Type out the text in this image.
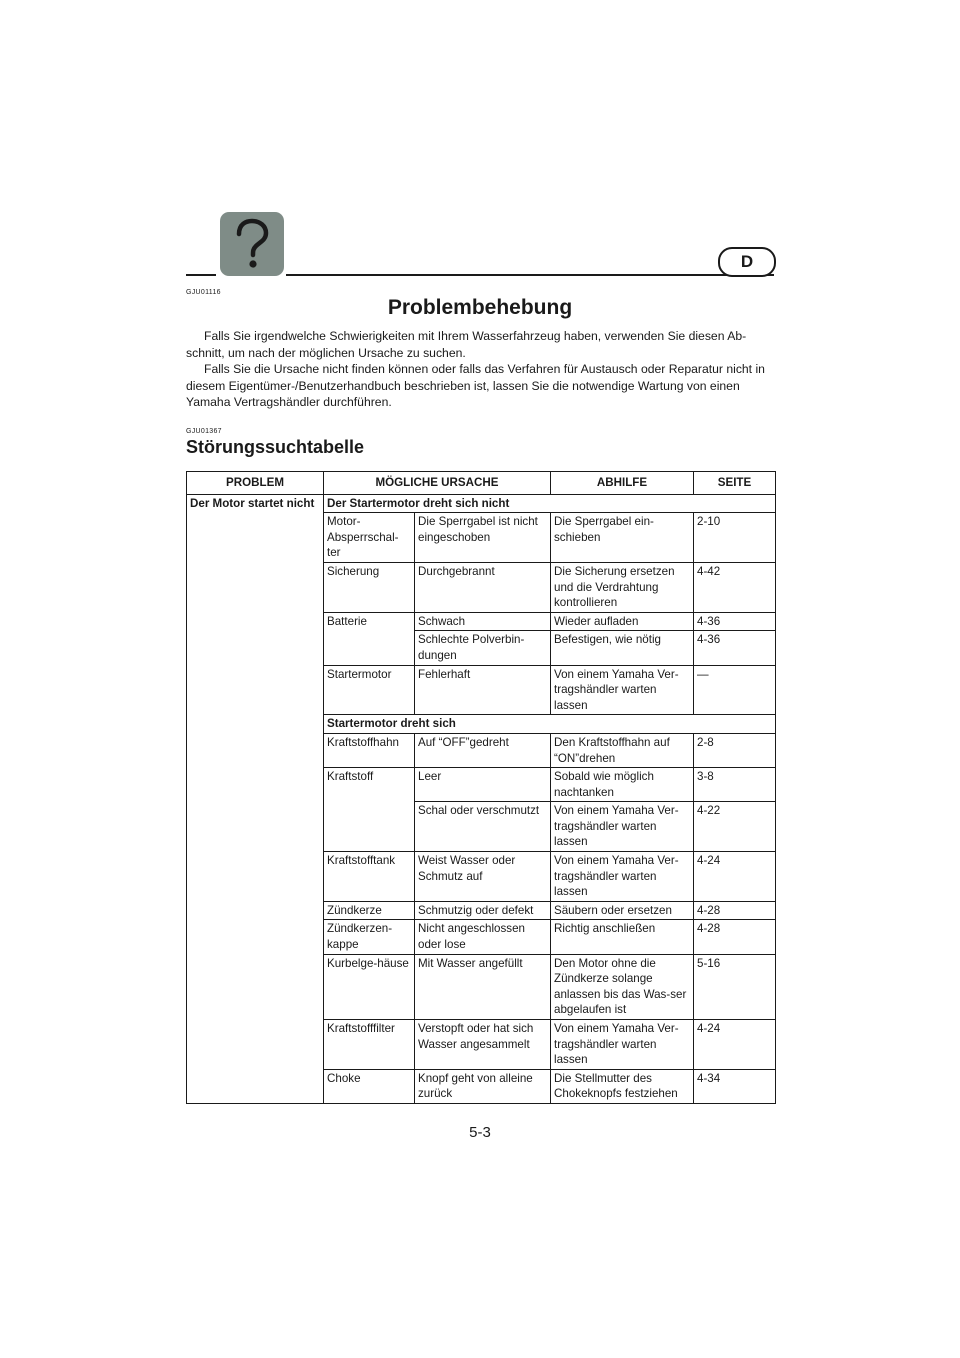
D
GJU01116
Problembehebung

Falls Sie irgendwelche Schwierigkeiten mit Ihrem Wasserfahrzeug haben, verwenden Sie diesen Ab-schnitt, um nach der möglichen Ursache zu suchen.

Falls Sie die Ursache nicht finden können oder falls das Verfahren für Austausch oder Reparatur nicht in diesem Eigentümer-/Benutzerhandbuch beschrieben ist, lassen Sie die notwendige Wartung von einen Yamaha Vertragshändler durchführen.

GJU01367
Störungssuchtabelle
PROBLEM	MÖGLICHE URSACHE		ABHILFE	SEITE
Der Motor startet nicht	Der Startermotor dreht sich nicht			
	Motor-Absperrschal-ter	Die Sperrgabel ist nicht eingeschoben	Die Sperrgabel ein-schieben	2-10
	Sicherung	Durchgebrannt	Die Sicherung ersetzen und die Verdrahtung kontrollieren	4-42
	Batterie	Schwach	Wieder aufladen	4-36
		Schlechte Polverbin-dungen	Befestigen, wie nötig	4-36
	Startermotor	Fehlerhaft	Von einem Yamaha Ver-tragshändler warten lassen	—
	Startermotor dreht sich			
	Kraftstoffhahn	Auf “OFF”gedreht	Den Kraftstoffhahn auf “ON”drehen	2-8
	Kraftstoff	Leer	Sobald wie möglich nachtanken	3-8
		Schal oder verschmutzt	Von einem Yamaha Ver-tragshändler warten lassen	4-22
	Kraftstofftank	Weist Wasser oder Schmutz auf	Von einem Yamaha Ver-tragshändler warten lassen	4-24
	Zündkerze	Schmutzig oder defekt	Säubern oder ersetzen	4-28
	Zündkerzen-kappe	Nicht angeschlossen oder lose	Richtig anschließen	4-28
	Kurbelge-häuse	Mit Wasser angefüllt	Den Motor ohne die Zündkerze solange anlassen bis das Was-ser abgelaufen ist	5-16
	Kraftstofffilter	Verstopft oder hat sich Wasser angesammelt	Von einem Yamaha Ver-tragshändler warten lassen	4-24
	Choke	Knopf geht von alleine zurück	Die Stellmutter des Chokeknopfs festziehen	4-34
5-3
